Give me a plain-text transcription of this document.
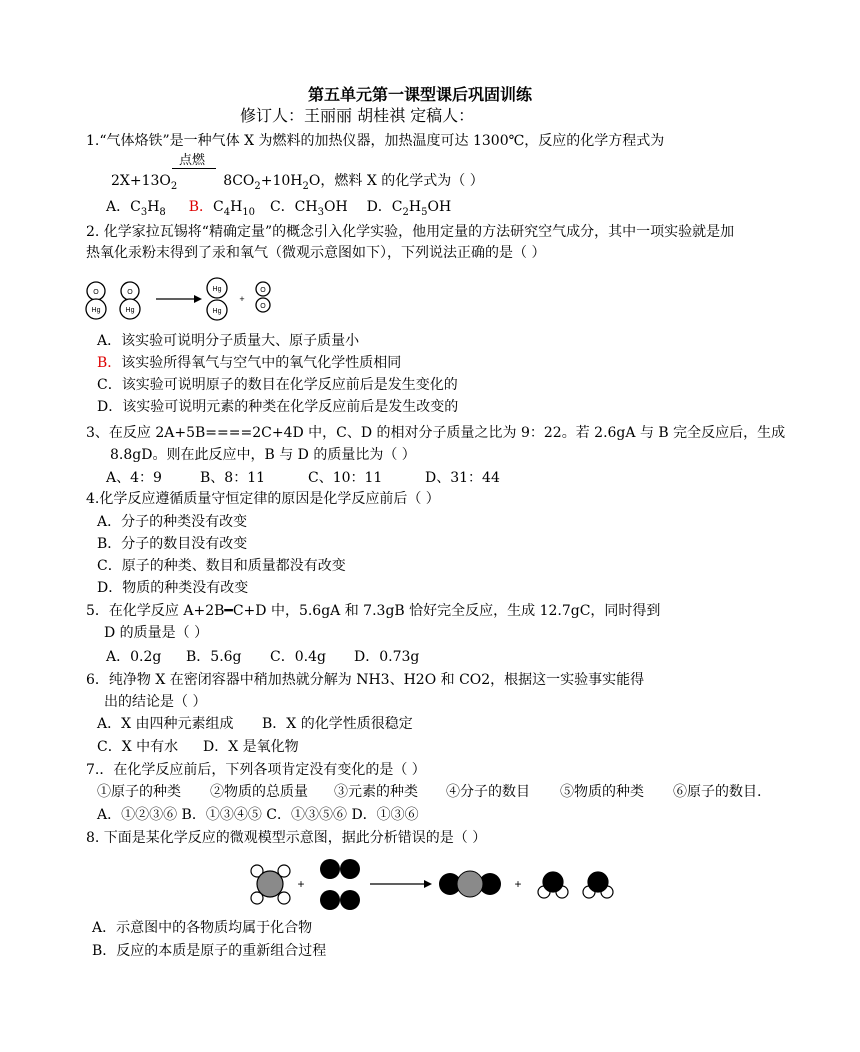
第五单元第一课型课后巩固训练
修订人：王丽丽 胡桂祺 定稿人：
1.“气体烙铁”是一种气体 X 为燃料的加热仪器，加热温度可达 1300℃，反应的化学方程式为
点燃
$2X+13O_2$	$8CO_2+10H_2O$，燃料 X 的化学式为（ ）
A．$C_3H_8$ B．$C_4H_{10}$ C．$CH_3OH$ D．$C_2H_5OH$
2. 化学家拉瓦锡将“精确定量”的概念引入化学实验，他用定量的方法研究空气成分，其中一项实验就是加
热氧化汞粉末得到了汞和氧气（微观示意图如下），下列说法正确的是（ ）
O
Hg
O
Hg
Hg
Hg
O
O
+
A．该实验可说明分子质量大、原子质量小
B．该实验所得氧气与空气中的氧气化学性质相同
C．该实验可说明原子的数目在化学反应前后是发生变化的
D．该实验可说明元素的种类在化学反应前后是发生改变的
3、在反应 2A+5B====2C+4D 中，C、D 的相对分子质量之比为 9：22。若 2.6gA 与 B 完全反应后，生成
8.8gD。则在此反应中，B 与 D 的质量比为（ ）
A、4：9	B、8：11	C、10：11	D、31：44
4.化学反应遵循质量守恒定律的原因是化学反应前后（ ）
A．分子的种类没有改变
B．分子的数目没有改变
C．原子的种类、数目和质量都没有改变
D．物质的种类没有改变
5．在化学反应 A+2B━C+D 中，5.6gA 和 7.3gB 恰好完全反应，生成 12.7gC，同时得到
D 的质量是（ ）
A．0.2g B．5.6g C．0.4g D．0.73g
6．纯净物 X 在密闭容器中稍加热就分解为 NH3、H2O 和 CO2，根据这一实验事实能得
出的结论是（ ）
A．X 由四种元素组成 B．X 的化学性质很稳定
C．X 中有水 D．X 是氧化物
7.．在化学反应前后，下列各项肯定没有变化的是（ ）
①原子的种类 ②物质的总质量 ③元素的种类 ④分子的数目 ⑤物质的种类 ⑥原子的数目.
A．①②③⑥ B．①③④⑤ C．①③⑤⑥ D．①③⑥
8. 下面是某化学反应的微观模型示意图，据此分析错误的是（ ）
+	+
A．示意图中的各物质均属于化合物
B．反应的本质是原子的重新组合过程
